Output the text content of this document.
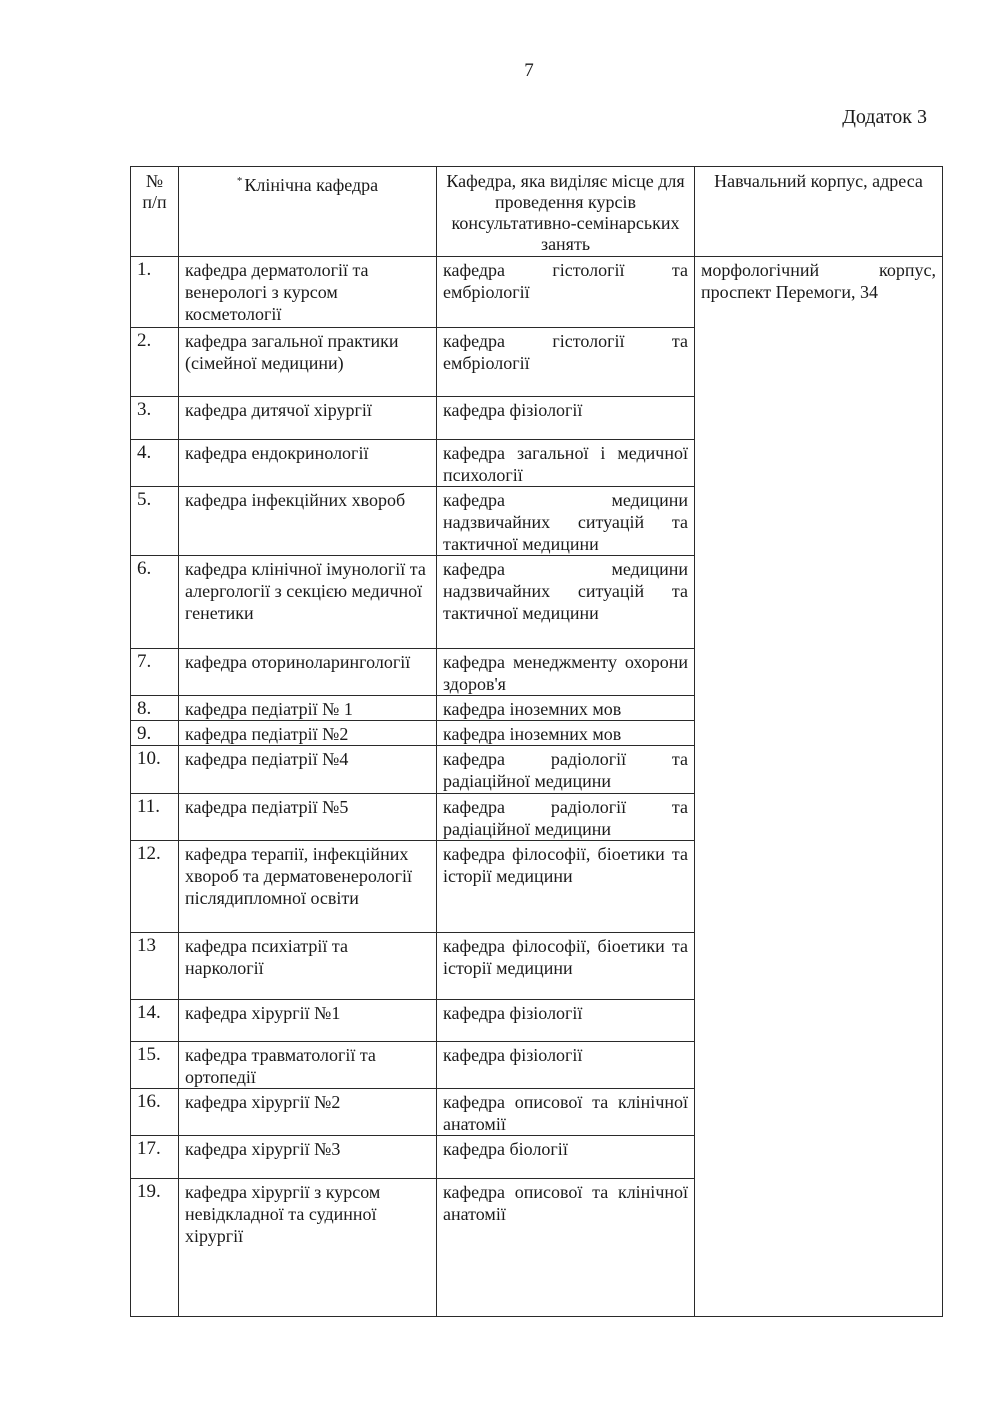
7
Додаток 3
№ п/п	* Клінічна кафедра	Кафедра, яка виділяє місце для проведення курсів консультативно-семінарських занять	Навчальний корпус, адреса
1.	кафедра дерматології та венерологі з курсом косметології	кафедра гістології та ембріології	морфологічний корпус, проспект Перемоги, 34
2.	кафедра загальної практики (сімейної медицини)	кафедра гістології та ембріології	
3.	кафедра дитячої хірургії	кафедра фізіології	
4.	кафедра ендокринології	кафедра загальної і медичної психології	
5.	кафедра інфекційних хвороб	кафедра медицини надзвичайних ситуацій та тактичної медицини	
6.	кафедра клінічної імунології та алергології з секцією медичної генетики	кафедра медицини надзвичайних ситуацій та тактичної медицини	
7.	кафедра оториноларингології	кафедра менеджменту охорони здоров'я	
8.	кафедра педіатрії № 1	кафедра іноземних мов	
9.	кафедра педіатрії №2	кафедра іноземних мов	
10.	кафедра педіатрії №4	кафедра радіології та радіаційної медицини	
11.	кафедра педіатрії №5	кафедра радіології та радіаційної медицини	
12.	кафедра терапії, інфекційних хвороб та дерматовенерології післядипломної освіти	кафедра філософії, біоетики та історії медицини	
13	кафедра психіатрії та наркології	кафедра філософії, біоетики та історії медицини	
14.	кафедра хірургії №1	кафедра фізіології	
15.	кафедра травматології та ортопедії	кафедра фізіології	
16.	кафедра хірургії №2	кафедра описової та клінічної анатомії	
17.	кафедра хірургії №3	кафедра біології	
19.	кафедра хірургії з курсом невідкладної та судинної хірургії	кафедра описової та клінічної анатомії	
